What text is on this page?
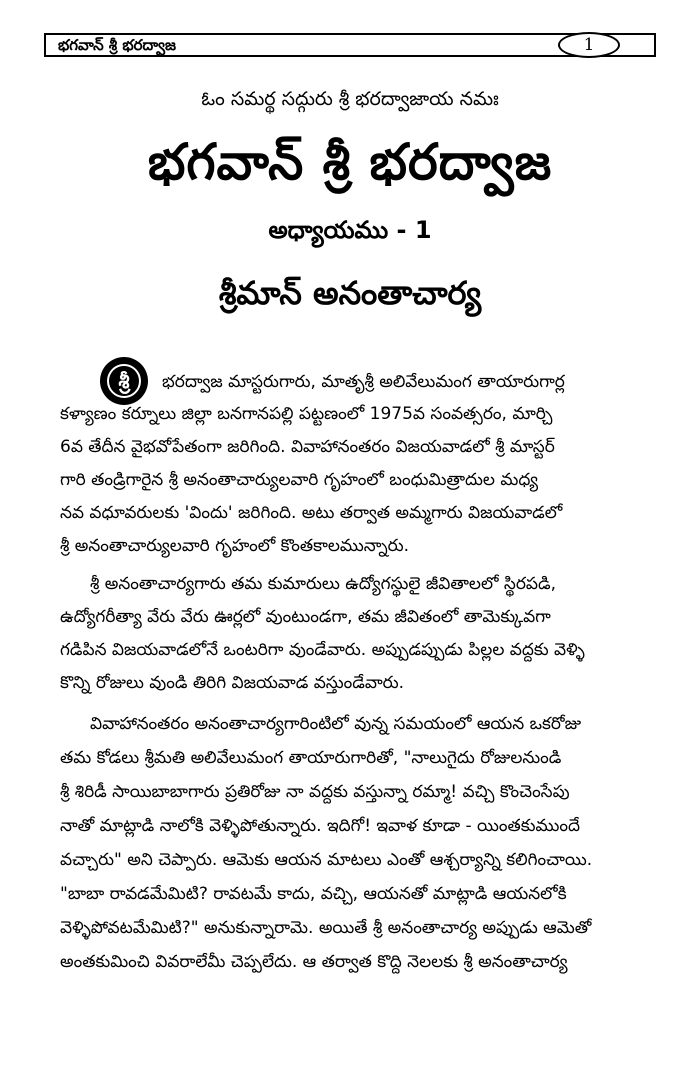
భగవాన్ శ్రీ భరద్వాజ	1
ఓం సమర్థ సద్గురు శ్రీ భరద్వాజాయ నమః
భగవాన్ శ్రీ భరద్వాజ
అధ్యాయము - 1
శ్రీమాన్ అనంతాచార్య
శ్రీ	భరద్వాజ మాస్టరుగారు, మాతృశ్రీ అలివేలుమంగ తాయారుగార్ల
కళ్యాణం కర్నూలు జిల్లా బనగానపల్లి పట్టణంలో 1975వ సంవత్సరం, మార్చి
6వ తేదీన వైభవోపేతంగా జరిగింది. వివాహానంతరం విజయవాడలో శ్రీ మాస్టర్
గారి తండ్రిగారైన శ్రీ అనంతాచార్యులవారి గృహంలో బంధుమిత్రాదుల మధ్య
నవ వధూవరులకు 'విందు' జరిగింది. అటు తర్వాత అమ్మగారు విజయవాడలో
శ్రీ అనంతాచార్యులవారి గృహంలో కొంతకాలమున్నారు.
శ్రీ అనంతాచార్యగారు తమ కుమారులు ఉద్యోగస్థులై జీవితాలలో స్థిరపడి,
ఉద్యోగరీత్యా వేరు వేరు ఊర్లలో వుంటుండగా, తమ జీవితంలో తామెక్కువగా
గడిపిన విజయవాడలోనే ఒంటరిగా వుండేవారు. అప్పుడప్పుడు పిల్లల వద్దకు వెళ్ళి
కొన్ని రోజులు వుండి తిరిగి విజయవాడ వస్తుండేవారు.
వివాహానంతరం అనంతాచార్యగారింటిలో వున్న సమయంలో ఆయన ఒకరోజు
తమ కోడలు శ్రీమతి అలివేలుమంగ తాయారుగారితో, "నాలుగైదు రోజులనుండి
శ్రీ శిరిడీ సాయిబాబాగారు ప్రతిరోజు నా వద్దకు వస్తున్నా రమ్మా! వచ్చి కొంచెంసేపు
నాతో మాట్లాడి నాలోకి వెళ్ళిపోతున్నారు. ఇదిగో! ఇవాళ కూడా - యింతకుముందే
వచ్చారు" అని చెప్పారు. ఆమెకు ఆయన మాటలు ఎంతో ఆశ్చర్యాన్ని కలిగించాయి.
"బాబా రావడమేమిటి? రావటమే కాదు, వచ్చి, ఆయనతో మాట్లాడి ఆయనలోకి
వెళ్ళిపోవటమేమిటి?" అనుకున్నారామె. అయితే శ్రీ అనంతాచార్య అప్పుడు ఆమెతో
అంతకుమించి వివరాలేమీ చెప్పలేదు. ఆ తర్వాత కొద్ది నెలలకు శ్రీ అనంతాచార్య
